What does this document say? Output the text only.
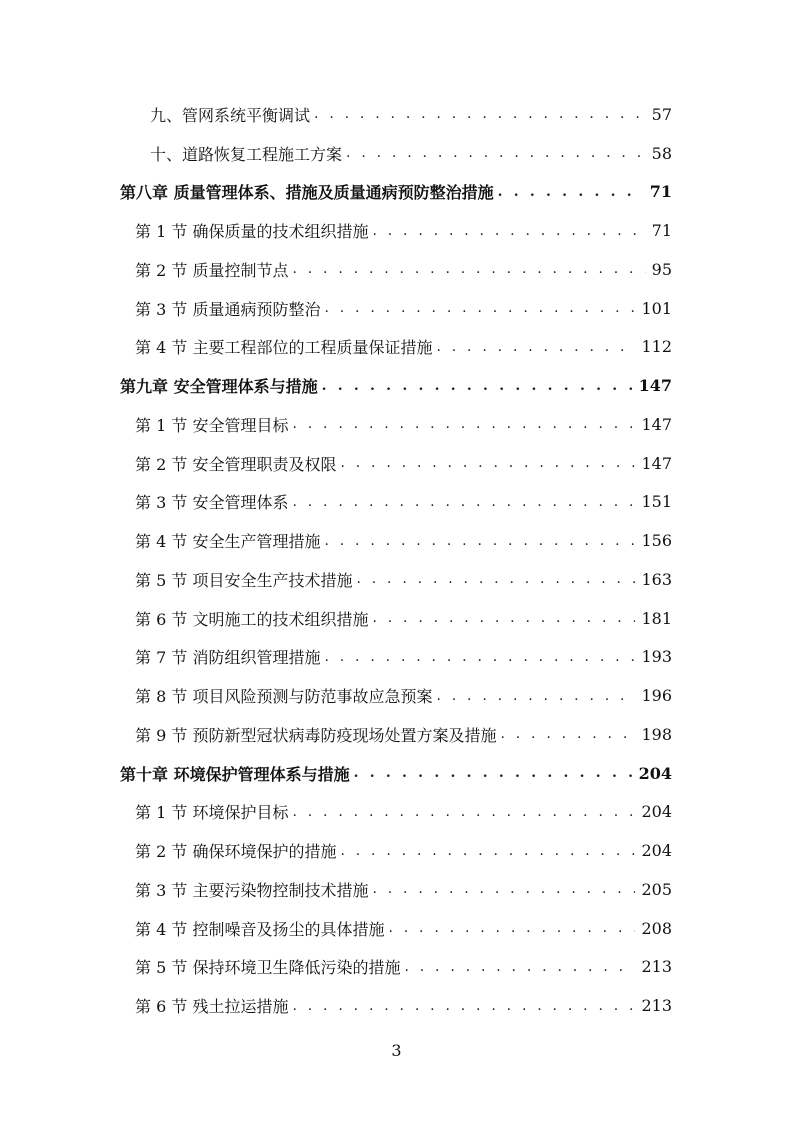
九、管网系统平衡调试 . . .	57
十、道路恢复工程施工方案 . . .	58
第八章 质量管理体系、措施及质量通病预防整治措施 . . .	71
第 1 节 确保质量的技术组织措施 . . .	71
第 2 节 质量控制节点 . . .	95
第 3 节 质量通病预防整治 . . .	101
第 4 节 主要工程部位的工程质量保证措施 . . .	112
第九章 安全管理体系与措施 . . .	147
第 1 节 安全管理目标 . . .	147
第 2 节 安全管理职责及权限 . . .	147
第 3 节 安全管理体系 . . .	151
第 4 节 安全生产管理措施 . . .	156
第 5 节 项目安全生产技术措施 . . .	163
第 6 节 文明施工的技术组织措施 . . .	181
第 7 节 消防组织管理措施 . . .	193
第 8 节 项目风险预测与防范事故应急预案 . . .	196
第 9 节 预防新型冠状病毒防疫现场处置方案及措施 . . .	198
第十章 环境保护管理体系与措施 . . .	204
第 1 节 环境保护目标 . . .	204
第 2 节 确保环境保护的措施 . . .	204
第 3 节 主要污染物控制技术措施 . . .	205
第 4 节 控制噪音及扬尘的具体措施 . . .	208
第 5 节 保持环境卫生降低污染的措施 . . .	213
第 6 节 残土拉运措施 . . .	213
3
